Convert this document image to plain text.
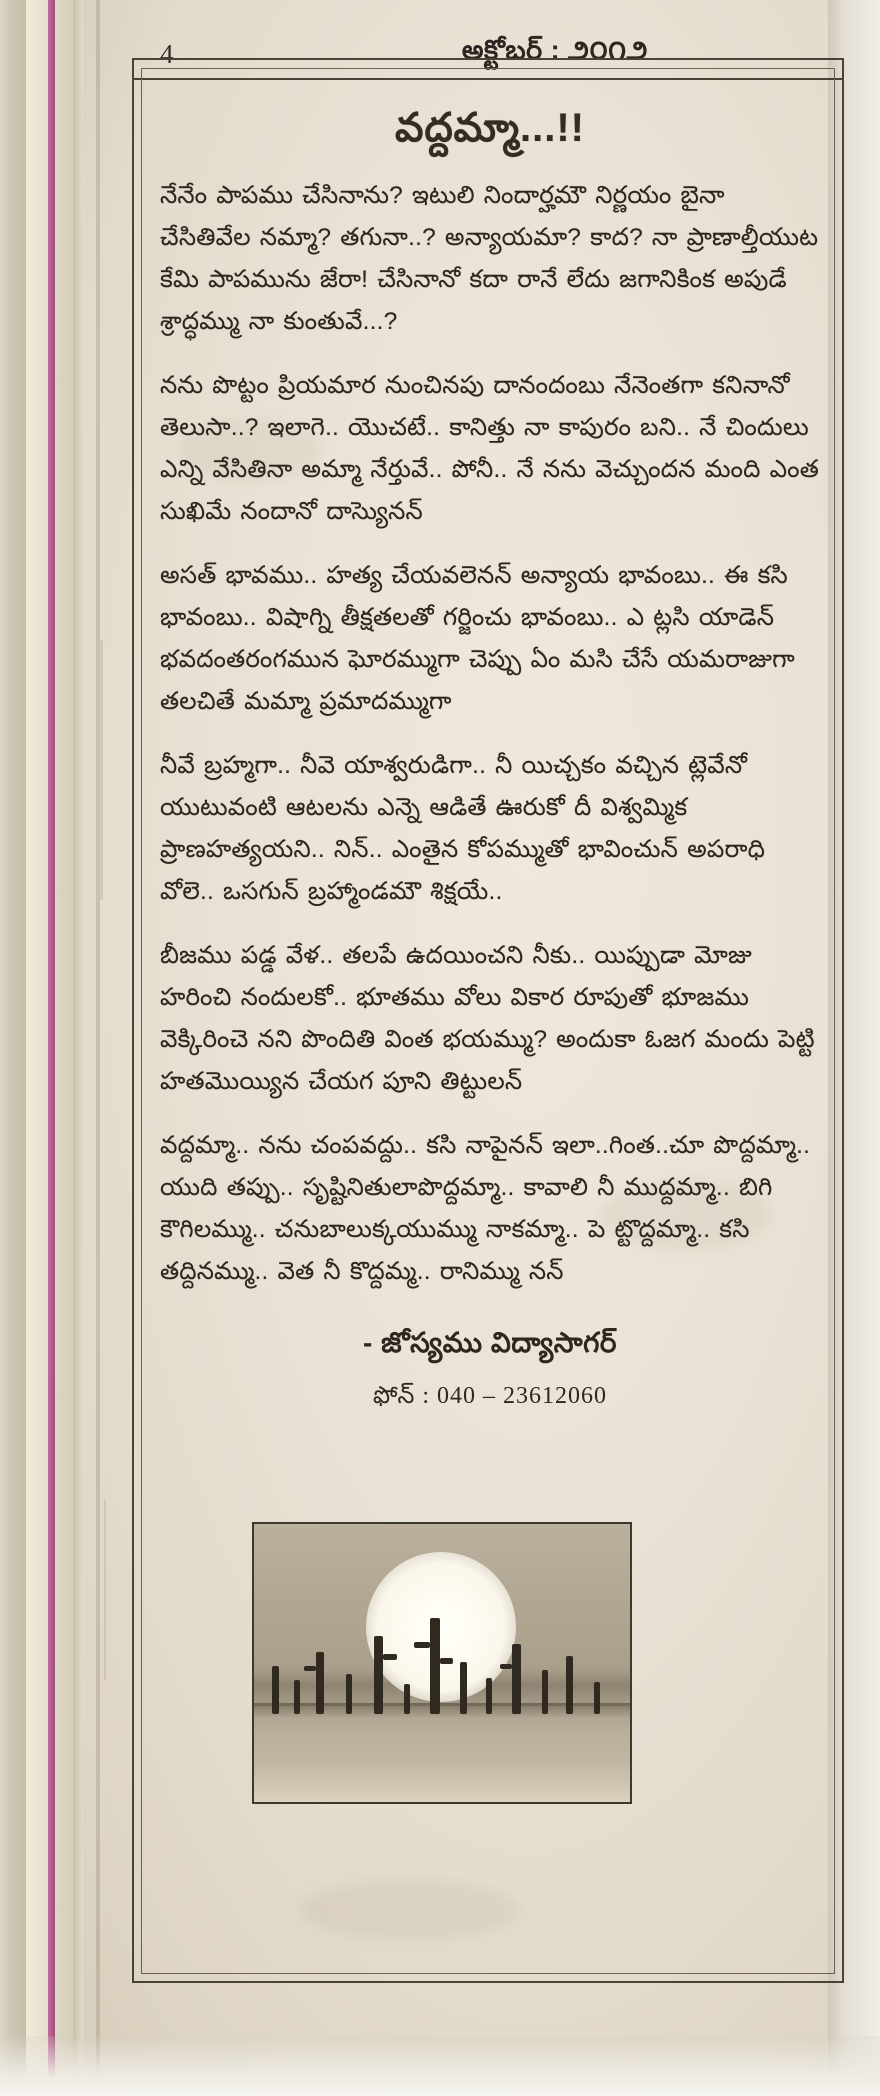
4	అక్టోబర్ : ౨౦౧౨
వద్దమ్మా...!!

నేనేం పాపము చేసినాను? ఇటులి నిందార్హమౌ నిర్ణయం బైనా చేసితివేల నమ్మా? తగునా..? అన్యాయమా? కాద? నా ప్రాణాల్తీయుట కేమి పాపమును జేరా! చేసినానో కదా రానే లేదు జగానికింక అపుడే శ్రాద్ధమ్ము నా కుంతువే...?

నను పొట్టం ప్రియమార నుంచినపు దానందంబు నేనెంతగా కనినానో తెలుసా..? ఇలాగె.. యెుచటే.. కానిత్తు నా కాపురం బని.. నే చిందులు ఎన్ని వేసితినా అమ్మా నేర్తువే.. పోనీ.. నే నను వెచ్చుందన మంది ఎంత సుఖిమే నందానో దాస్యెునన్

అసత్ భావము.. హత్య చేయవలెనన్ అన్యాయ భావంబు.. ఈ కసి భావంబు.. విషాగ్ని తీక్షతలతో గర్జించు భావంబు.. ఎ ట్లసి యాడెన్ భవదంతరంగమున ఘోరమ్ముగా చెప్పు ఏం మసి చేసే యమరాజుగా తలచితే మమ్మా ప్రమాదమ్ముగా

నీవే బ్రహ్మగా.. నీవె యాశ్వరుడిగా.. నీ యిచ్చకం వచ్చిన ట్లెవేనో యుటువంటి ఆటలను ఎన్నె ఆడితే ఊరుకో దీ విశ్వమ్మిక ప్రాణహత్యయని.. నిన్.. ఎంతైన కోపమ్ముతో భావించున్ అపరాధి వోలె.. ఒసగున్ బ్రహ్మాండమౌ శిక్షయే..

బీజము పడ్డ వేళ.. తలపే ఉదయించని నీకు.. యిప్పుడా మోజు హరించి నందులకో.. భూతము వోలు వికార రూపుతో భూజము వెక్కిరించె నని పొందితి వింత భయమ్ము? అందుకా ఓజగ మందు పెట్టి హతమొయ్యిన చేయగ పూని తిట్టులన్

వద్దమ్మా.. నను చంపవద్దు.. కసి నాపైనన్ ఇలా..గింత..చూ పొద్దమ్మా.. యుది తప్పు.. సృష్టినితులాపొద్దమ్మా.. కావాలి నీ ముద్దమ్మా.. బిగి కౌగిలమ్ము.. చనుబాలుక్కయుమ్ము నాకమ్మా.. పె ట్టొద్దమ్మా.. కసి తద్దినమ్ము.. వెత నీ కొద్దమ్మ.. రానిమ్ము నన్

- జోస్యము విద్యాసాగర్
ఫోన్ : 040 – 23612060
